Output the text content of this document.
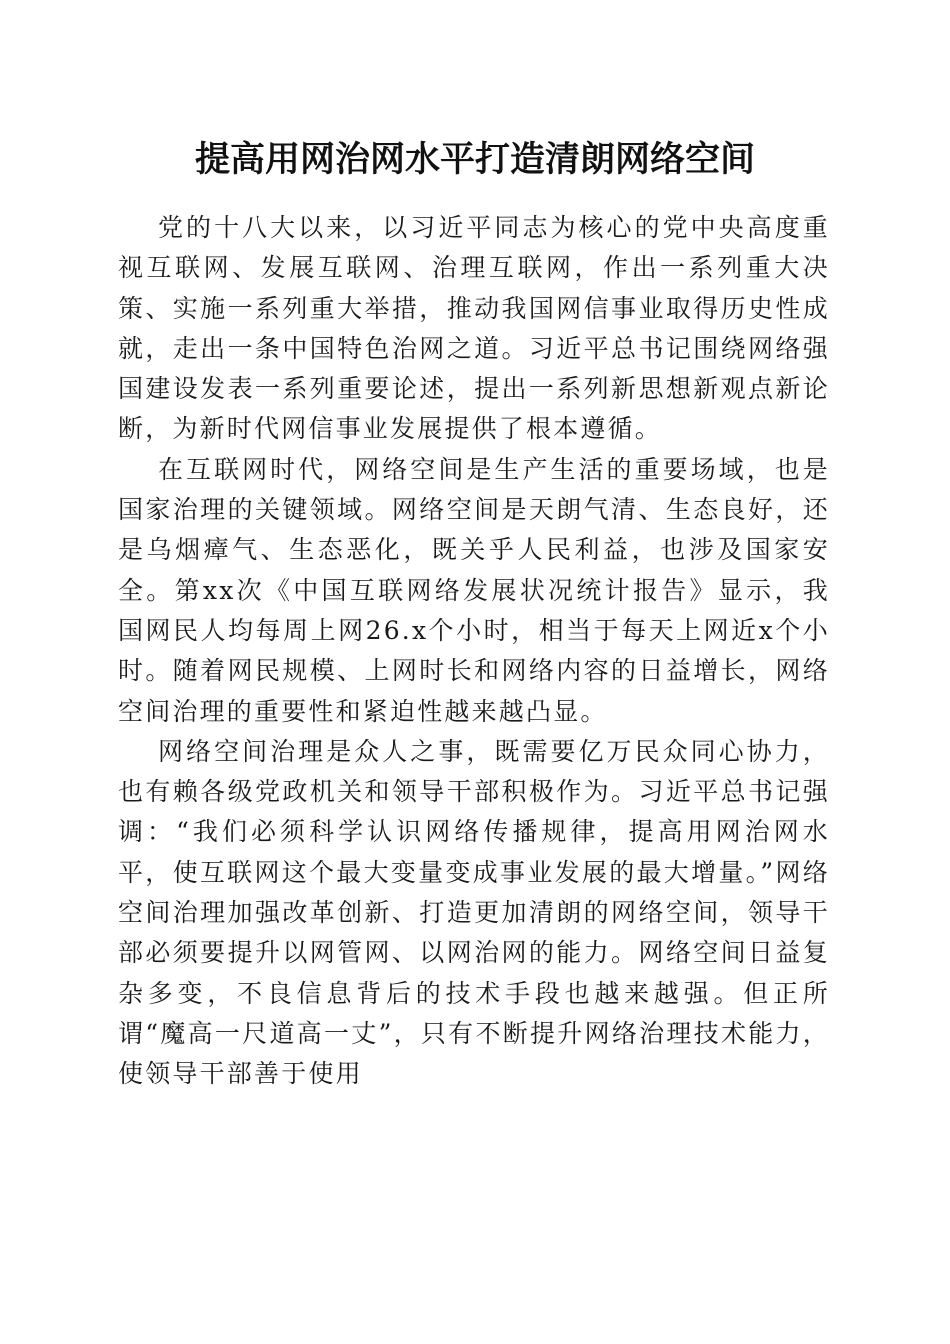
提高用网治网水平打造清朗网络空间

党的十八大以来，以习近平同志为核心的党中央高度重视互联网、发展互联网、治理互联网，作出一系列重大决策、实施一系列重大举措，推动我国网信事业取得历史性成就，走出一条中国特色治网之道。习近平总书记围绕网络强国建设发表一系列重要论述，提出一系列新思想新观点新论断，为新时代网信事业发展提供了根本遵循。

在互联网时代，网络空间是生产生活的重要场域，也是国家治理的关键领域。网络空间是天朗气清、生态良好，还是乌烟瘴气、生态恶化，既关乎人民利益，也涉及国家安全。第xx次《中国互联网络发展状况统计报告》显示，我国网民人均每周上网26.x个小时，相当于每天上网近x个小时。随着网民规模、上网时长和网络内容的日益增长，网络空间治理的重要性和紧迫性越来越凸显。

网络空间治理是众人之事，既需要亿万民众同心协力，也有赖各级党政机关和领导干部积极作为。习近平总书记强调：“我们必须科学认识网络传播规律，提高用网治网水平，使互联网这个最大变量变成事业发展的最大增量。”网络空间治理加强改革创新、打造更加清朗的网络空间，领导干部必须要提升以网管网、以网治网的能力。网络空间日益复杂多变，不良信息背后的技术手段也越来越强。但正所谓“魔高一尺道高一丈”，只有不断提升网络治理技术能力，使领导干部善于使用
